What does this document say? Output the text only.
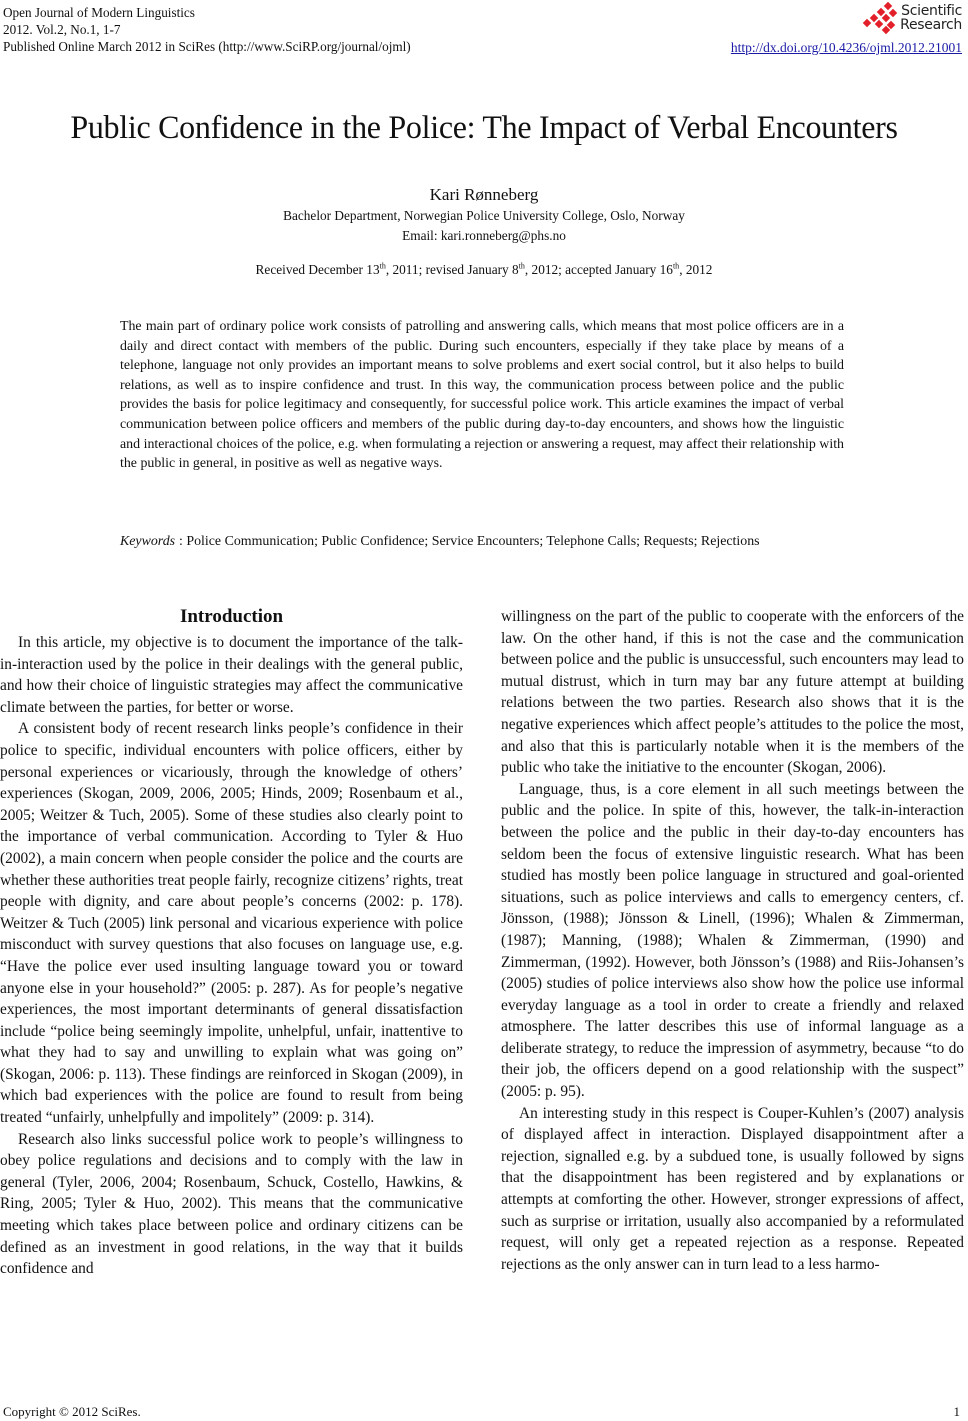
Open Journal of Modern Linguistics
2012. Vol.2, No.1, 1-7
Published Online March 2012 in SciRes (http://www.SciRP.org/journal/ojml)
Scientific
Research
http://dx.doi.org/10.4236/ojml.2012.21001
Public Confidence in the Police: The Impact of Verbal Encounters
Kari Rønneberg
Bachelor Department, Norwegian Police University College, Oslo, Norway
Email: kari.ronneberg@phs.no
Received December 13th, 2011; revised January 8th, 2012; accepted January 16th, 2012
The main part of ordinary police work consists of patrolling and answering calls, which means that most police officers are in a daily and direct contact with members of the public. During such encounters, especially if they take place by means of a telephone, language not only provides an important means to solve problems and exert social control, but it also helps to build relations, as well as to inspire confidence and trust. In this way, the communication process between police and the public provides the basis for police legitimacy and consequently, for successful police work. This article examines the impact of verbal communication between police officers and members of the public during day-to-day encounters, and shows how the linguistic and interactional choices of the police, e.g. when formulating a rejection or answering a request, may affect their relationship with the public in general, in positive as well as negative ways.
Keywords : Police Communication; Public Confidence; Service Encounters; Telephone Calls; Requests; Rejections
Introduction

In this article, my objective is to document the importance of the talk-in-interaction used by the police in their dealings with the general public, and how their choice of linguistic strategies may affect the communicative climate between the parties, for better or worse.

A consistent body of recent research links people’s confidence in their police to specific, individual encounters with police officers, either by personal experiences or vicariously, through the knowledge of others’ experiences (Skogan, 2009, 2006, 2005; Hinds, 2009; Rosenbaum et al., 2005; Weitzer & Tuch, 2005). Some of these studies also clearly point to the importance of verbal communication. According to Tyler & Huo (2002), a main concern when people consider the police and the courts are whether these authorities treat people fairly, recognize citizens’ rights, treat people with dignity, and care about people’s concerns (2002: p. 178). Weitzer & Tuch (2005) link personal and vicarious experience with police misconduct with survey questions that also focuses on language use, e.g. “Have the police ever used insulting language toward you or toward anyone else in your household?” (2005: p. 287). As for people’s negative experiences, the most important determinants of general dissatisfaction include “police being seemingly impolite, unhelpful, unfair, inattentive to what they had to say and unwilling to explain what was going on” (Skogan, 2006: p. 113). These findings are reinforced in Skogan (2009), in which bad experiences with the police are found to result from being treated “unfairly, unhelpfully and impolitely” (2009: p. 314).

Research also links successful police work to people’s willingness to obey police regulations and decisions and to comply with the law in general (Tyler, 2006, 2004; Rosenbaum, Schuck, Costello, Hawkins, & Ring, 2005; Tyler & Huo, 2002). This means that the communicative meeting which takes place between police and ordinary citizens can be defined as an investment in good relations, in the way that it builds confidence and

willingness on the part of the public to cooperate with the enforcers of the law. On the other hand, if this is not the case and the communication between police and the public is unsuccessful, such encounters may lead to mutual distrust, which in turn may bar any future attempt at building relations between the two parties. Research also shows that it is the negative experiences which affect people’s attitudes to the police the most, and also that this is particularly notable when it is the members of the public who take the initiative to the encounter (Skogan, 2006).

Language, thus, is a core element in all such meetings between the public and the police. In spite of this, however, the talk-in-interaction between the police and the public in their day-to-day encounters has seldom been the focus of extensive linguistic research. What has been studied has mostly been police language in structured and goal-oriented situations, such as police interviews and calls to emergency centers, cf. Jönsson, (1988); Jönsson & Linell, (1996); Whalen & Zimmerman, (1987); Manning, (1988); Whalen & Zimmerman, (1990) and Zimmerman, (1992). However, both Jönsson’s (1988) and Riis-Johansen’s (2005) studies of police interviews also show how the police use informal everyday language as a tool in order to create a friendly and relaxed atmosphere. The latter describes this use of informal language as a deliberate strategy, to reduce the impression of asymmetry, because “to do their job, the officers depend on a good relationship with the suspect” (2005: p. 95).

An interesting study in this respect is Couper-Kuhlen’s (2007) analysis of displayed affect in interaction. Displayed disappointment after a rejection, signalled e.g. by a subdued tone, is usually followed by signs that the disappointment has been registered and by explanations or attempts at comforting the other. However, stronger expressions of affect, such as surprise or irritation, usually also accompanied by a reformulated request, will only get a repeated rejection as a response. Repeated rejections as the only answer can in turn lead to a less harmo-

Copyright © 2012 SciRes.	1
